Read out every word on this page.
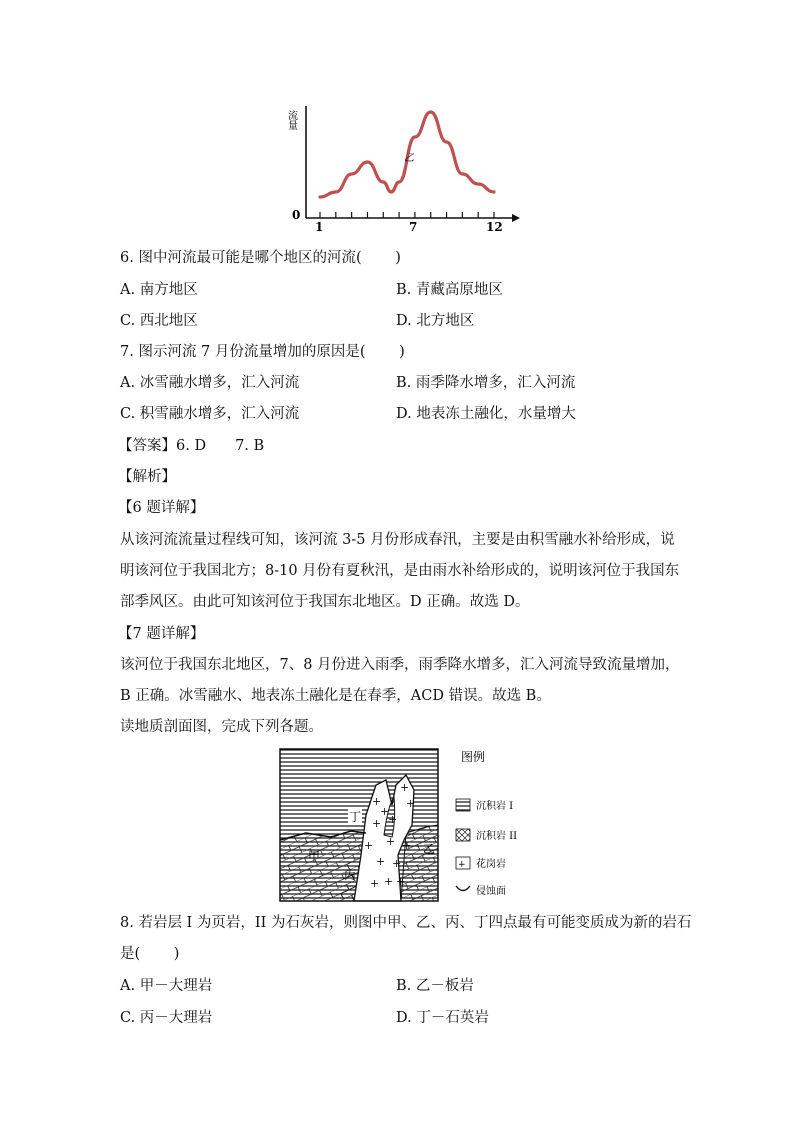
流量
0
1	7	12
乙
6. 图中河流最可能是哪个地区的河流(　　 )
A. 南方地区	B. 青藏高原地区
C. 西北地区	D. 北方地区
7. 图示河流 7 月份流量增加的原因是(　　 )
A. 冰雪融水增多，汇入河流	B. 雨季降水增多，汇入河流
C. 积雪融水增多，汇入河流	D. 地表冻土融化，水量增大
【答案】6. D　　7. B
【解析】
【6 题详解】
从该河流流量过程线可知，该河流 3-5 月份形成春汛，主要是由积雪融水补给形成，说明该河位于我国北方；8-10 月份有夏秋汛，是由雨水补给形成的，说明该河位于我国东部季风区。由此可知该河位于我国东北地区。D 正确。故选 D。
【7 题详解】
该河位于我国东北地区，7、8 月份进入雨季，雨季降水增多，汇入河流导致流量增加，B 正确。冰雪融水、地表冻土融化是在春季，ACD 错误。故选 B。
读地质剖面图，完成下列各题。
+
+
+
+
+
+
+ +
+ + +
+	+
+
丁
甲
乙
丙
图例
沉积岩 I
沉积岩 II
+ 花岗岩
侵蚀面
8. 若岩层 I 为页岩，II 为石灰岩，则图中甲、乙、丙、丁四点最有可能变质成为新的岩石
是(　　 )
A. 甲－大理岩	B. 乙－板岩
C. 丙－大理岩	D. 丁－石英岩
